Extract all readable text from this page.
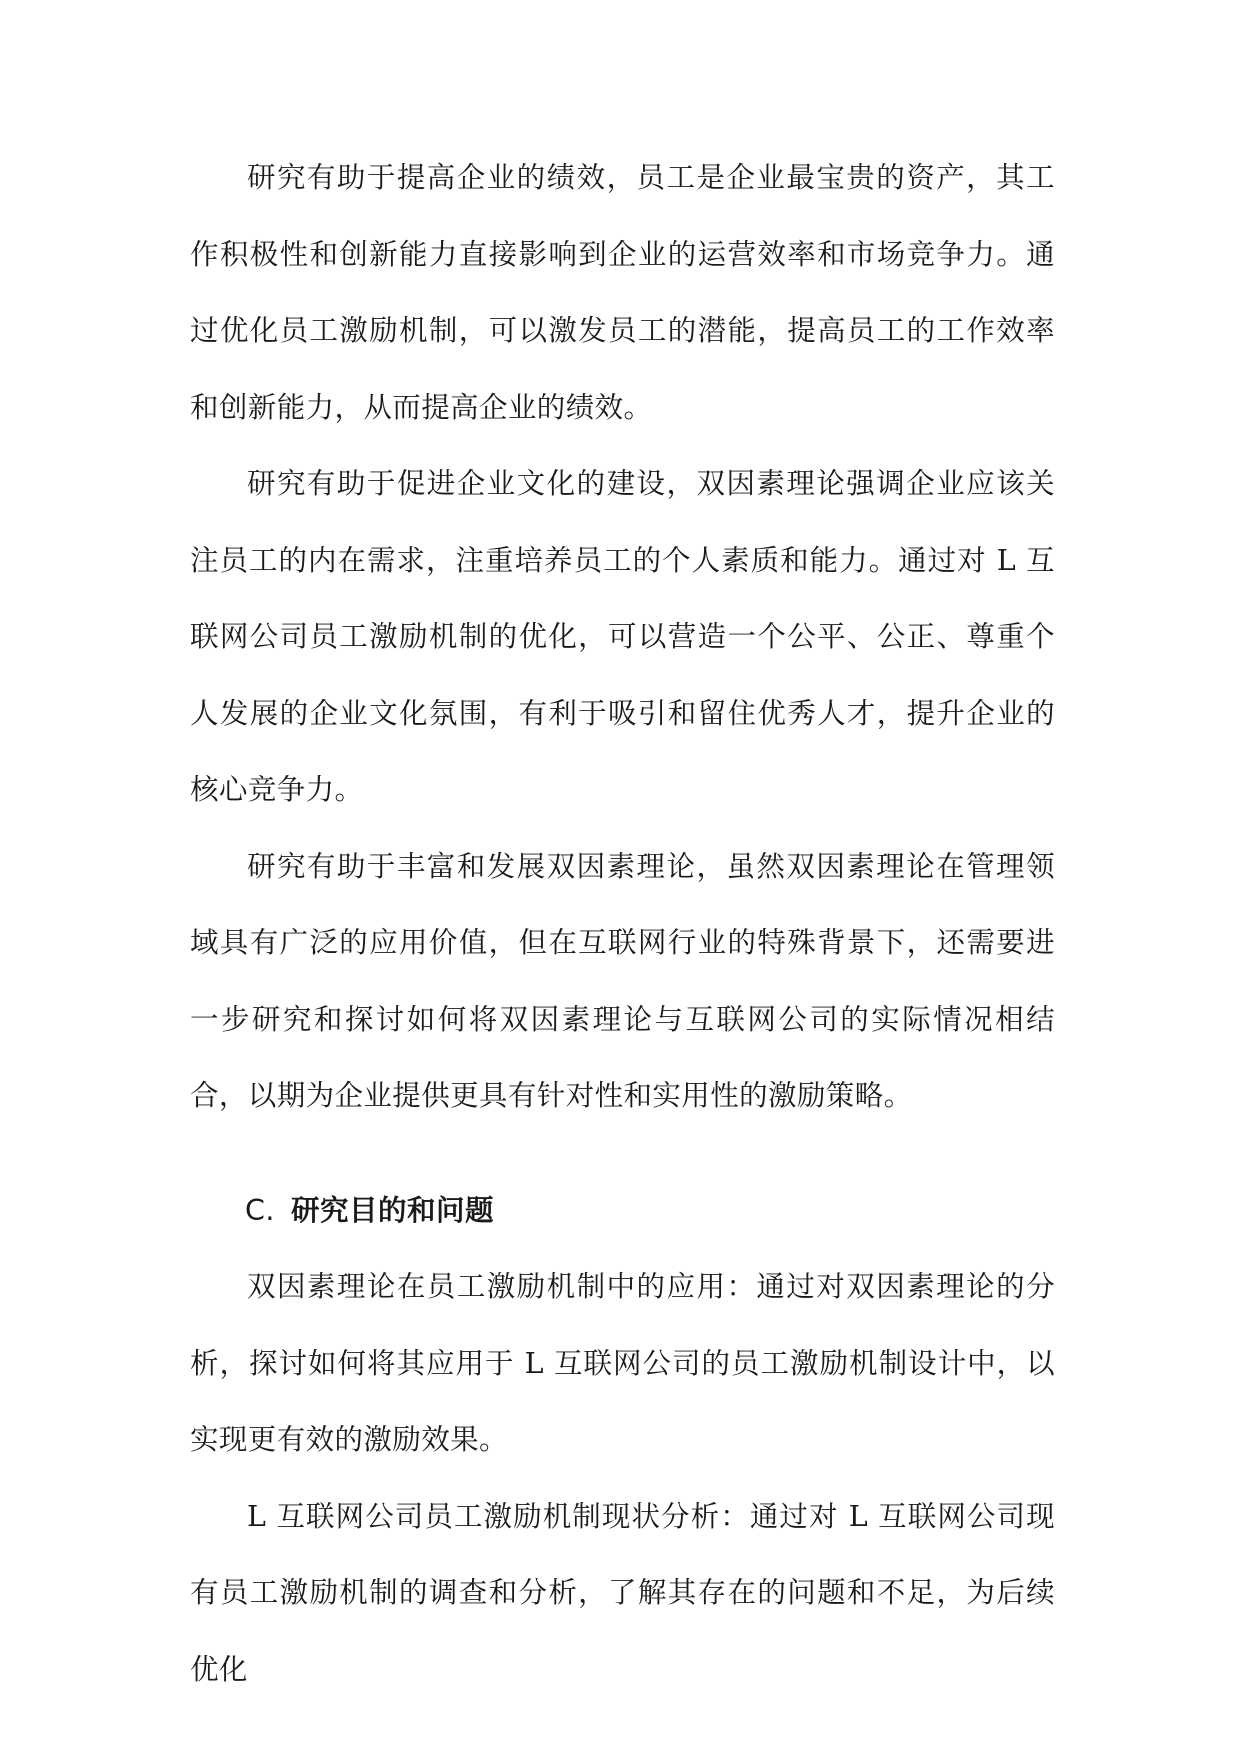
研究有助于提高企业的绩效，员工是企业最宝贵的资产，其工作积极性和创新能力直接影响到企业的运营效率和市场竞争力。通过优化员工激励机制，可以激发员工的潜能，提高员工的工作效率和创新能力，从而提高企业的绩效。

研究有助于促进企业文化的建设，双因素理论强调企业应该关注员工的内在需求，注重培养员工的个人素质和能力。通过对 L 互联网公司员工激励机制的优化，可以营造一个公平、公正、尊重个人发展的企业文化氛围，有利于吸引和留住优秀人才，提升企业的核心竞争力。

研究有助于丰富和发展双因素理论，虽然双因素理论在管理领域具有广泛的应用价值，但在互联网行业的特殊背景下，还需要进一步研究和探讨如何将双因素理论与互联网公司的实际情况相结合，以期为企业提供更具有针对性和实用性的激励策略。

C. 研究目的和问题

双因素理论在员工激励机制中的应用：通过对双因素理论的分析，探讨如何将其应用于 L 互联网公司的员工激励机制设计中，以实现更有效的激励效果。

L 互联网公司员工激励机制现状分析：通过对 L 互联网公司现有员工激励机制的调查和分析，了解其存在的问题和不足，为后续优化
